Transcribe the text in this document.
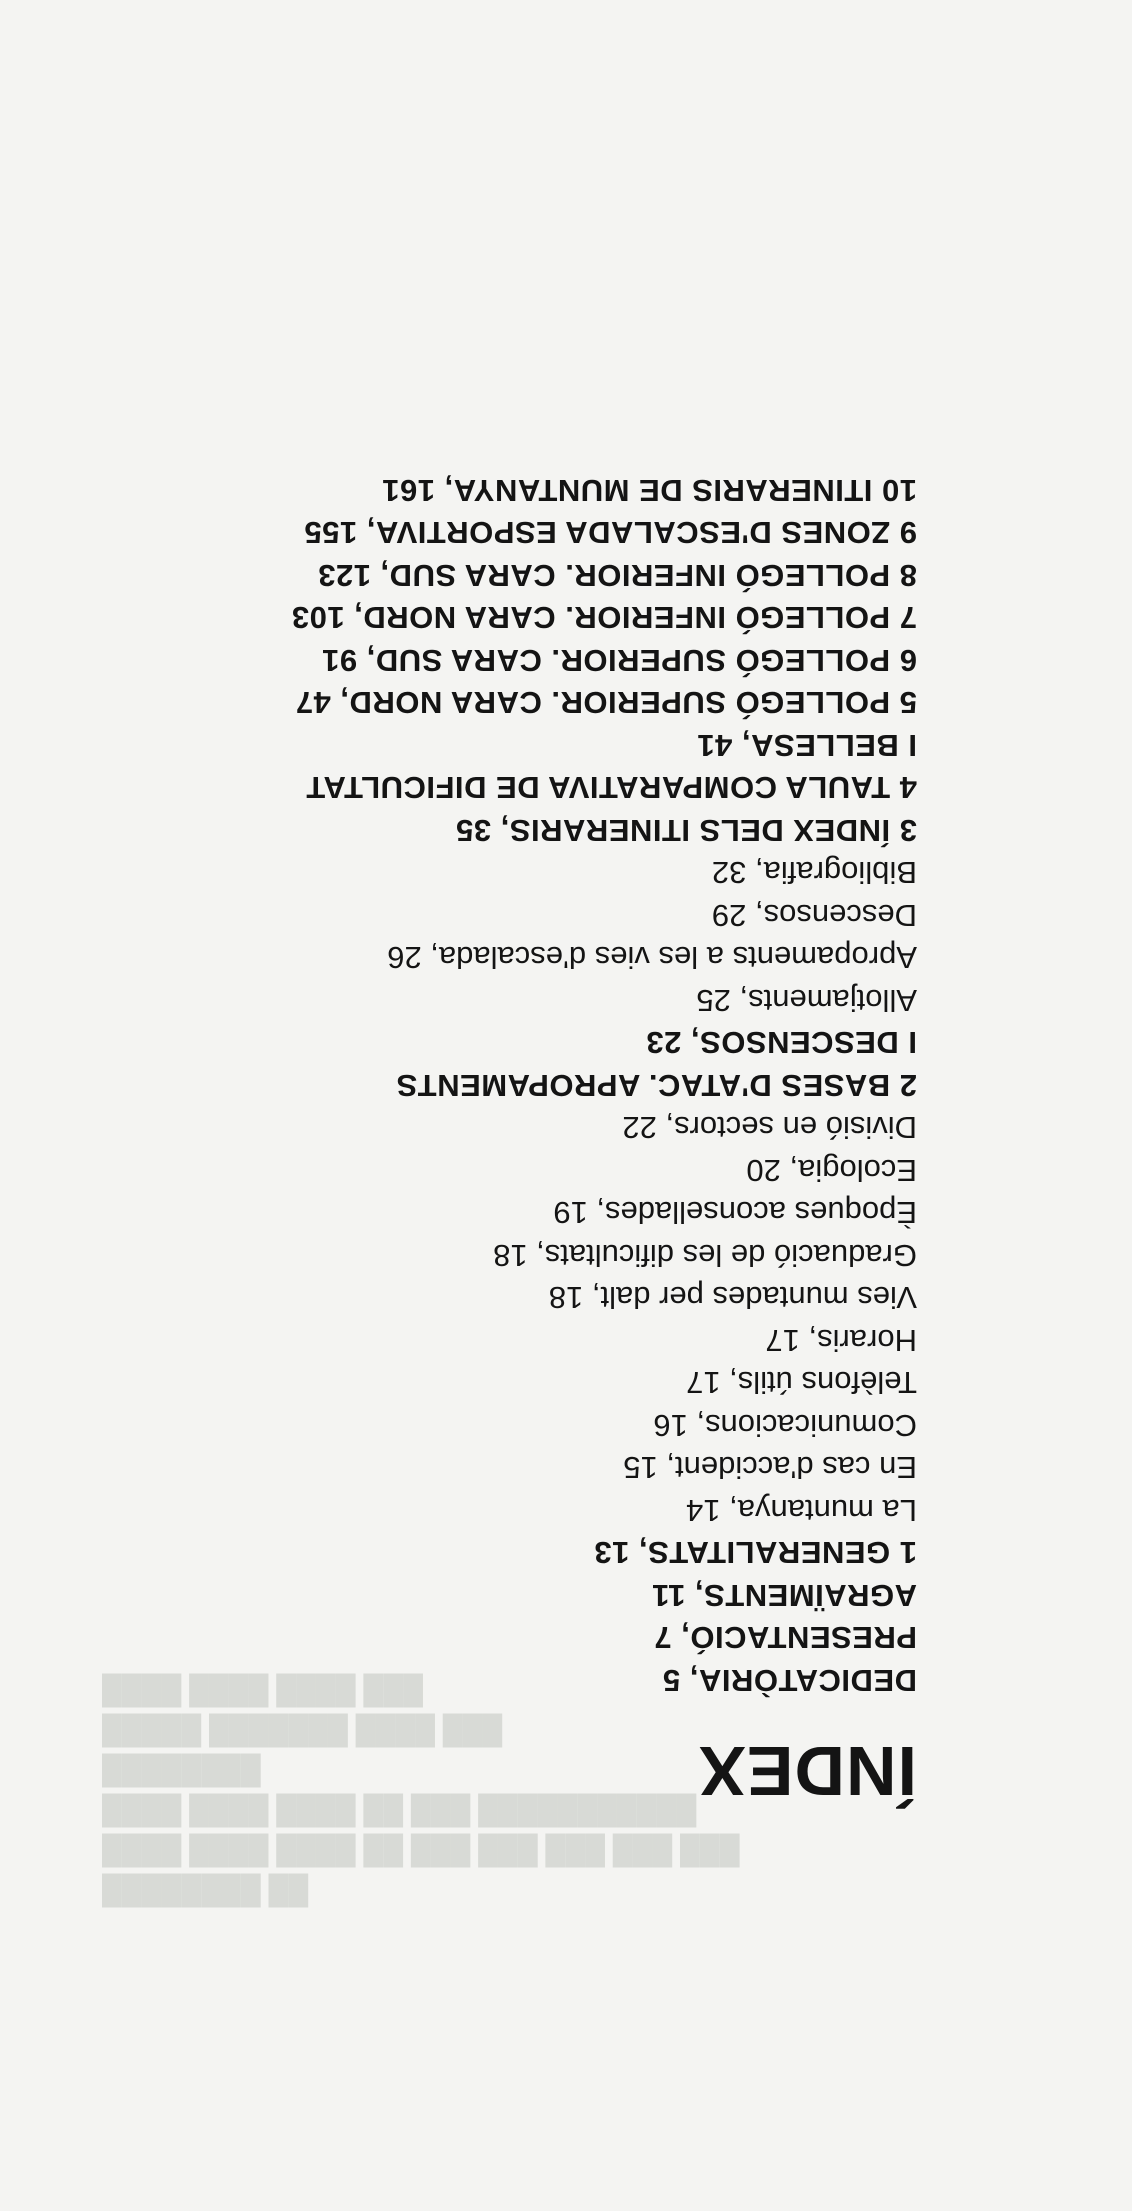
████████ ██
████ ████ ████ ██ ███ ███ ███ ███ ███
████ ████ ████ ██ ███ ███████████
████████
█████ ███████ ████ ███
████ ████ ████ ███
ÍNDEX
DEDICATÒRIA, 5
PRESENTACIÓ, 7
AGRAÏMENTS, 11
1 GENERALITATS, 13
La muntanya, 14
En cas d'accident, 15
Comunicacions, 16
Telèfons útils, 17
Horaris, 17
Vies muntades per dalt, 18
Graduació de les dificultats, 18
Èpoques aconsellades, 19
Ecologia, 20
Divisió en sectors, 22
2 BASES D'ATAC. APROPAMENTS
I DESCENSOS, 23
Allotjaments, 25
Apropaments a les vies d'escalada, 26
Descensos, 29
Bibliografia, 32
3 ÍNDEX DELS ITINERARIS, 35
4 TAULA COMPARATIVA DE DIFICULTAT
I BELLESA, 41
5 POLLEGÓ SUPERIOR. CARA NORD, 47
6 POLLEGÓ SUPERIOR. CARA SUD, 91
7 POLLEGÓ INFERIOR. CARA NORD, 103
8 POLLEGÓ INFERIOR. CARA SUD, 123
9 ZONES D'ESCALADA ESPORTIVA, 155
10 ITINERARIS DE MUNTANYA, 161
